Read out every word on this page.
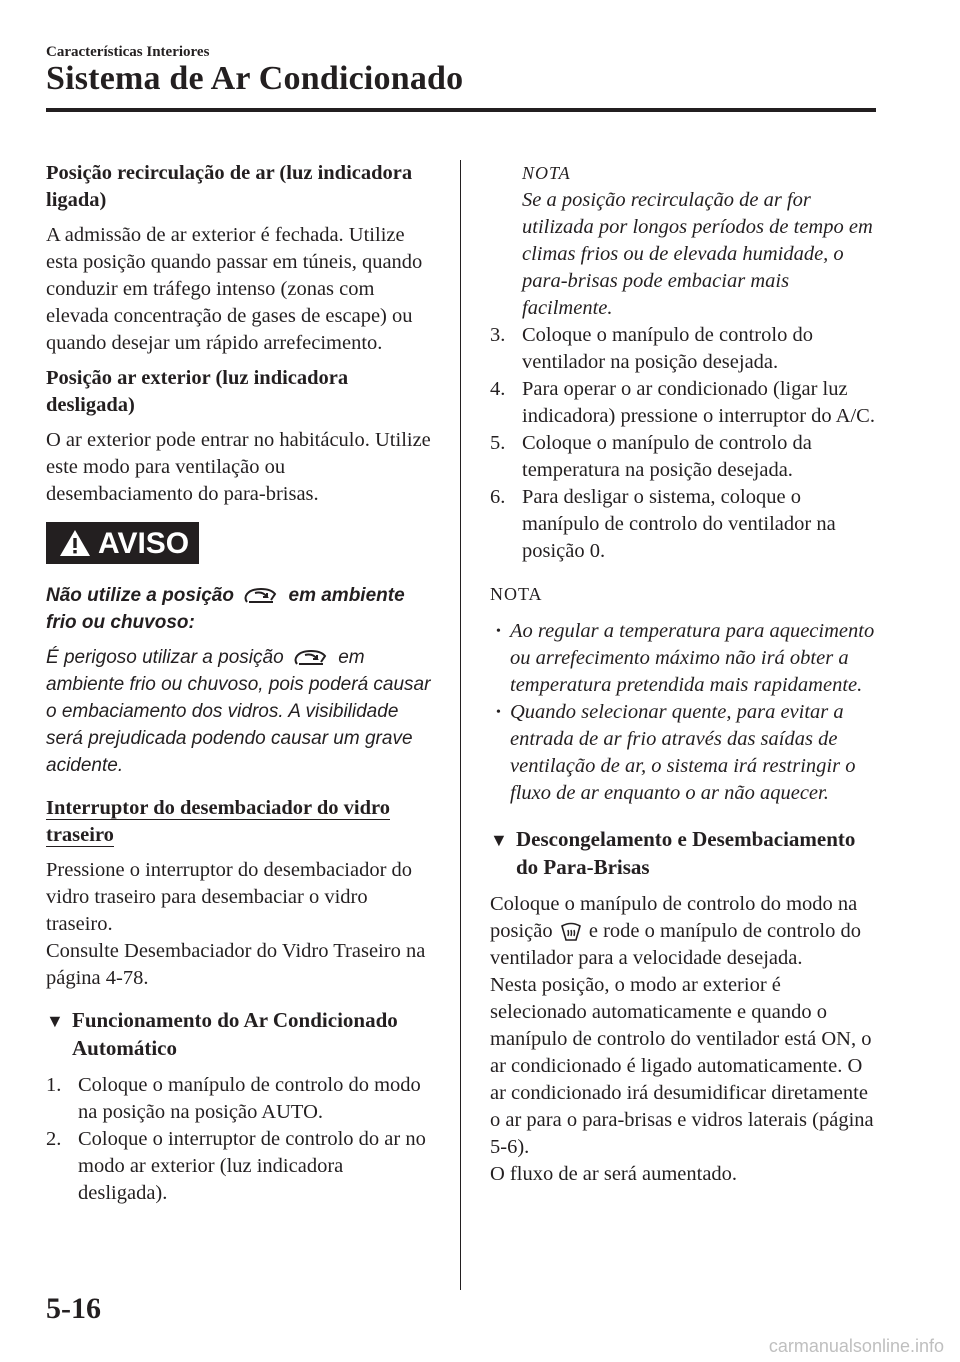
Características Interiores
Sistema de Ar Condicionado

Posição recirculação de ar (luz indicadora ligada)

A admissão de ar exterior é fechada. Utilize esta posição quando passar em túneis, quando conduzir em tráfego intenso (zonas com elevada concentração de gases de escape) ou quando desejar um rápido arrefecimento.

Posição ar exterior (luz indicadora desligada)

O ar exterior pode entrar no habitáculo. Utilize este modo para ventilação ou desembaciamento do para-brisas.

AVISO

Não utilize a posição	em ambiente frio ou chuvoso:

É perigoso utilizar a posição	em ambiente frio ou chuvoso, pois poderá causar o embaciamento dos vidros. A visibilidade será prejudicada podendo causar um grave acidente.

Interruptor do desembaciador do vidro traseiro

Pressione o interruptor do desembaciador do vidro traseiro para desembaciar o vidro traseiro.

Consulte Desembaciador do Vidro Traseiro na página 4-78.

▼ Funcionamento do Ar Condicionado Automático
1. Coloque o manípulo de controlo do modo na posição na posição AUTO.
2. Coloque o interruptor de controlo do ar no modo ar exterior (luz indicadora desligada).

NOTA
Se a posição recirculação de ar for utilizada por longos períodos de tempo em climas frios ou de elevada humidade, o para-brisas pode embaciar mais facilmente.

3. Coloque o manípulo de controlo do ventilador na posição desejada.
4. Para operar o ar condicionado (ligar luz indicadora) pressione o interruptor do A/C.
5. Coloque o manípulo de controlo da temperatura na posição desejada.
6. Para desligar o sistema, coloque o manípulo de controlo do ventilador na posição 0.

NOTA

• Ao regular a temperatura para aquecimento ou arrefecimento máximo não irá obter a temperatura pretendida mais rapidamente.
• Quando selecionar quente, para evitar a entrada de ar frio através das saídas de ventilação de ar, o sistema irá restringir o fluxo de ar enquanto o ar não aquecer.
▼ Descongelamento e Desembaciamento do Para-Brisas

Coloque o manípulo de controlo do modo na posição e rode o manípulo de controlo do ventilador para a velocidade desejada.

Nesta posição, o modo ar exterior é selecionado automaticamente e quando o manípulo de controlo do ventilador está ON, o ar condicionado é ligado automaticamente. O ar condicionado irá desumidificar diretamente o ar para o para-brisas e vidros laterais (página 5-6).

O fluxo de ar será aumentado.

5-16
carmanualsonline.info
